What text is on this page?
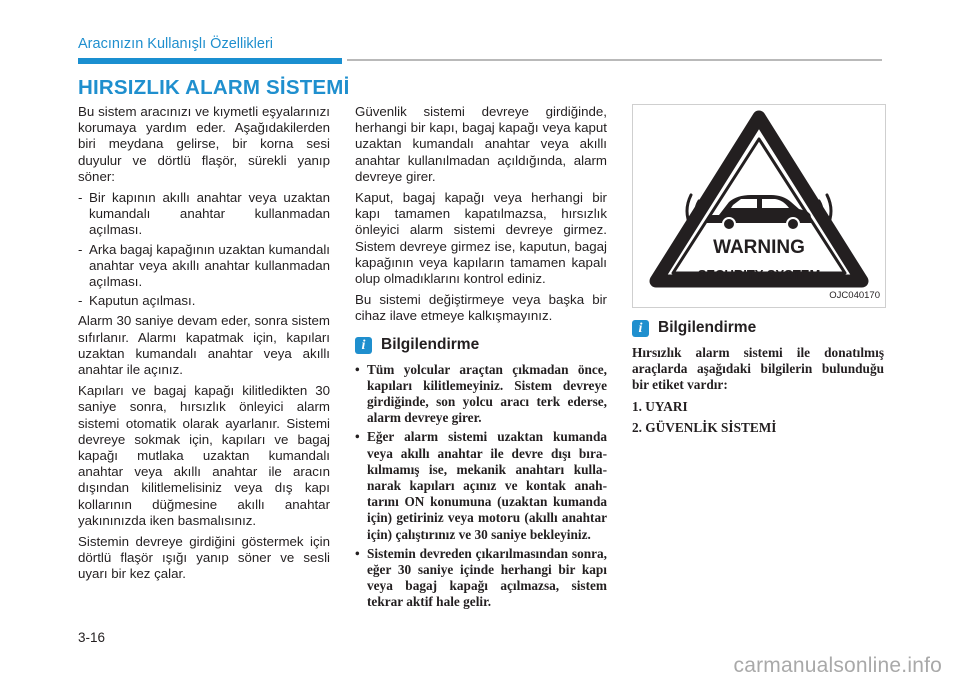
Aracınızın Kullanışlı Özellikleri
HIRSIZLIK ALARM SİSTEMİ

Bu sistem aracınızı ve kıymetli eşyalarınızı korumaya yardım eder. Aşağıdakilerden biri meydana gelirse, bir korna sesi duyulur ve dörtlü flaşör, sürekli yanıp söner:

- Bir kapının akıllı anahtar veya uzaktan kumandalı anahtar kullanmadan açılması.
- Arka bagaj kapağının uzaktan kumandalı anahtar veya akıllı anahtar kullanmadan açılması.
- Kaputun açılması.

Alarm 30 saniye devam eder, sonra sistem sıfırlanır. Alarmı kapatmak için, kapıları uzaktan kumandalı anahtar veya akıllı anahtar ile açınız.

Kapıları ve bagaj kapağı kilitledikten 30 saniye sonra, hırsızlık önleyici alarm sistemi otomatik olarak ayarlanır. Sistemi devreye sokmak için, kapıları ve bagaj kapağı mutlaka uzaktan kumandalı anahtar veya akıllı anahtar ile aracın dışından kilitlemelisiniz veya dış kapı kollarının düğmesine akıllı anahtar yakınınızda iken basmalısınız.

Sistemin devreye girdiğini göstermek için dörtlü flaşör ışığı yanıp söner ve sesli uyarı bir kez çalar.

Güvenlik sistemi devreye girdiğinde, herhangi bir kapı, bagaj kapağı veya kaput uzaktan kumandalı anahtar veya akıllı anahtar kullanılmadan açıldığında, alarm devreye girer.

Kaput, bagaj kapağı veya herhangi bir kapı tamamen kapatılmazsa, hırsızlık önleyici alarm sistemi devreye girmez. Sistem devreye girmez ise, kaputun, bagaj kapağının veya kapıların tamamen kapalı olup olmadıklarını kontrol ediniz.

Bu sistemi değiştirmeye veya başka bir cihaz ilave etmeye kalkışmayınız.

i	Bilgilendirme
• Tüm yolcular araçtan çıkmadan önce, kapıları kilitlemeyiniz. Sistem devreye girdiğinde, son yolcu aracı terk ederse, alarm devreye girer.
• Eğer alarm sistemi uzaktan kumanda veya akıllı anahtar ile devre dışı bırakılmamış ise, mekanik anahtarı kullanarak kapıları açınız ve kontak anahtarını ON konumuna (uzaktan kumanda için) getiriniz veya motoru (akıllı anahtar için) çalıştırınız ve 30 saniye bekleyiniz.
• Sistemin devreden çıkarılmasından sonra, eğer 30 saniye içinde herhangi bir kapı veya bagaj kapağı açılmazsa, sistem tekrar aktif hale gelir.
WARNING
SECURITY SYSTEM
OJC040170
i	Bilgilendirme

Hırsızlık alarm sistemi ile donatılmış araçlarda aşağıdaki bilgilerin bulunduğu bir etiket vardır:

1. UYARI

2. GÜVENLİK SİSTEMİ

3-16
carmanualsonline.info
